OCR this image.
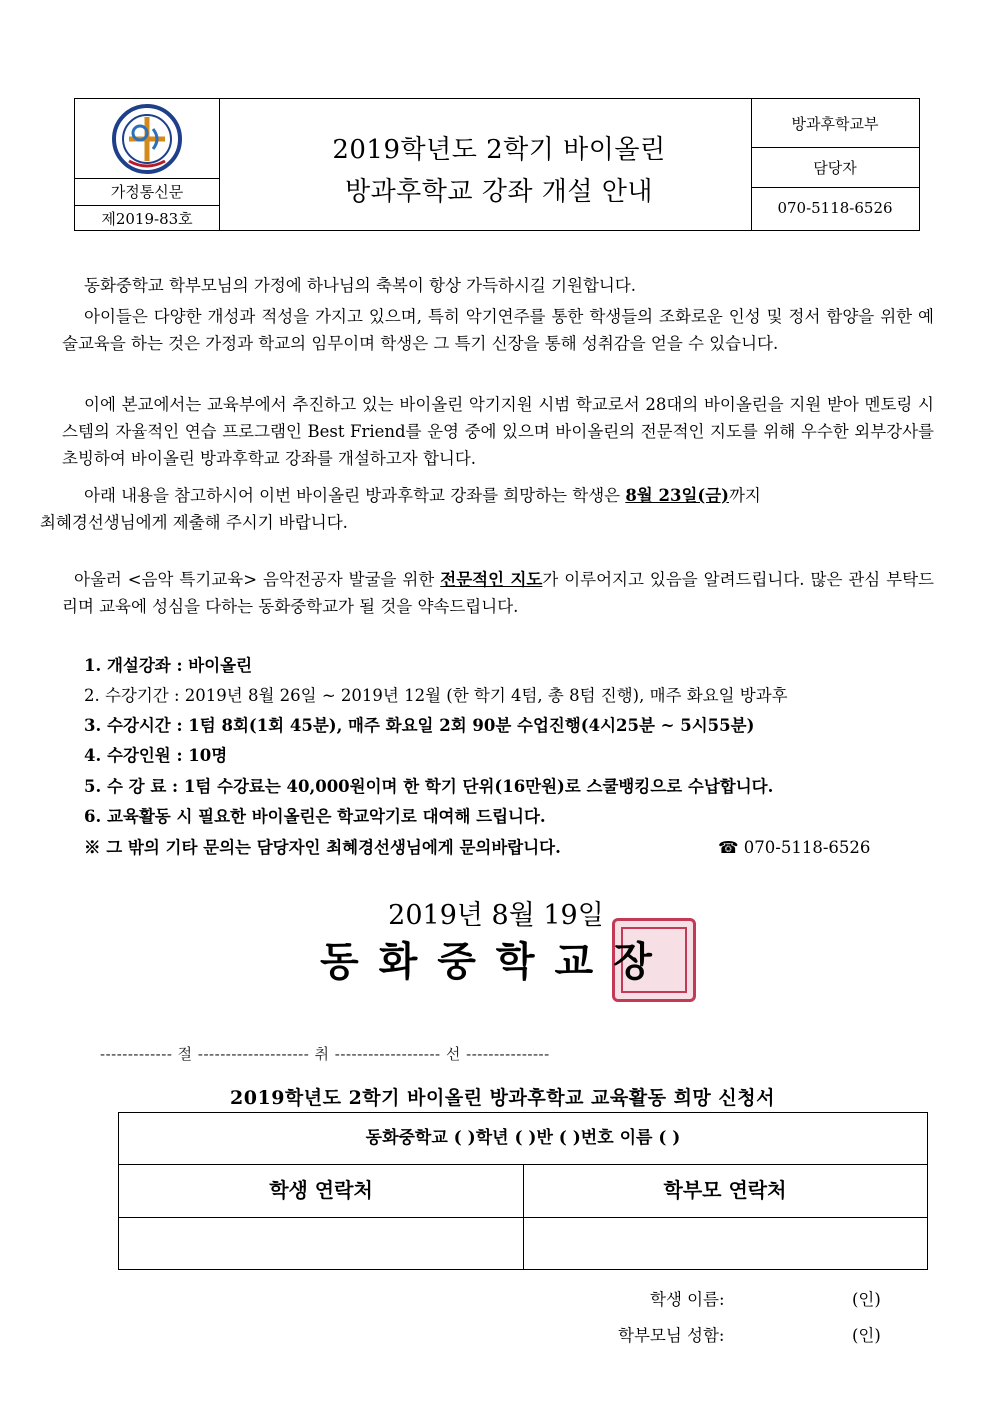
가정통신문
제2019-83호
2019학년도 2학기 바이올린
방과후학교 강좌 개설 안내
방과후학교부
담당자
070-5118-6526
동화중학교 학부모님의 가정에 하나님의 축복이 항상 가득하시길 기원합니다.
아이들은 다양한 개성과 적성을 가지고 있으며, 특히 악기연주를 통한 학생들의 조화로운 인성 및 정서 함양을 위한 예술교육을 하는 것은 가정과 학교의 임무이며 학생은 그 특기 신장을 통해 성취감을 얻을 수 있습니다.
이에 본교에서는 교육부에서 추진하고 있는 바이올린 악기지원 시범 학교로서 28대의 바이올린을 지원 받아 멘토링 시스템의 자율적인 연습 프로그램인 Best Friend를 운영 중에 있으며 바이올린의 전문적인 지도를 위해 우수한 외부강사를 초빙하여 바이올린 방과후학교 강좌를 개설하고자 합니다.
아래 내용을 참고하시어 이번 바이올린 방과후학교 강좌를 희망하는 학생은 8월 23일(금)까지
최혜경선생님에게 제출해 주시기 바랍니다.
아울러 <음악 특기교육> 음악전공자 발굴을 위한 전문적인 지도가 이루어지고 있음을 알려드립니다. 많은 관심 부탁드리며 교육에 성심을 다하는 동화중학교가 될 것을 약속드립니다.
1. 개설강좌 : 바이올린
2. 수강기간 : 2019년 8월 26일 ~ 2019년 12월 (한 학기 4텀, 총 8텀 진행), 매주 화요일 방과후
3. 수강시간 : 1텀 8회(1회 45분), 매주 화요일 2회 90분 수업진행(4시25분 ~ 5시55분)
4. 수강인원 : 10명
5. 수 강 료 : 1텀 수강료는 40,000원이며 한 학기 단위(16만원)로 스쿨뱅킹으로 수납합니다.
6. 교육활동 시 필요한 바이올린은 학교악기로 대여해 드립니다.
※ 그 밖의 기타 문의는 담당자인 최혜경선생님에게 문의바랍니다.	☎ 070-5118-6526
2019년 8월 19일
동화중학교장
------------- 절 -------------------- 취 ------------------- 선 ---------------
2019학년도 2학기 바이올린 방과후학교 교육활동 희망 신청서
동화중학교 ( )학년 ( )반 ( )번호 이름 ( )
학생 연락처	학부모 연락처
학생 이름:	(인)
학부모님 성함:	(인)
